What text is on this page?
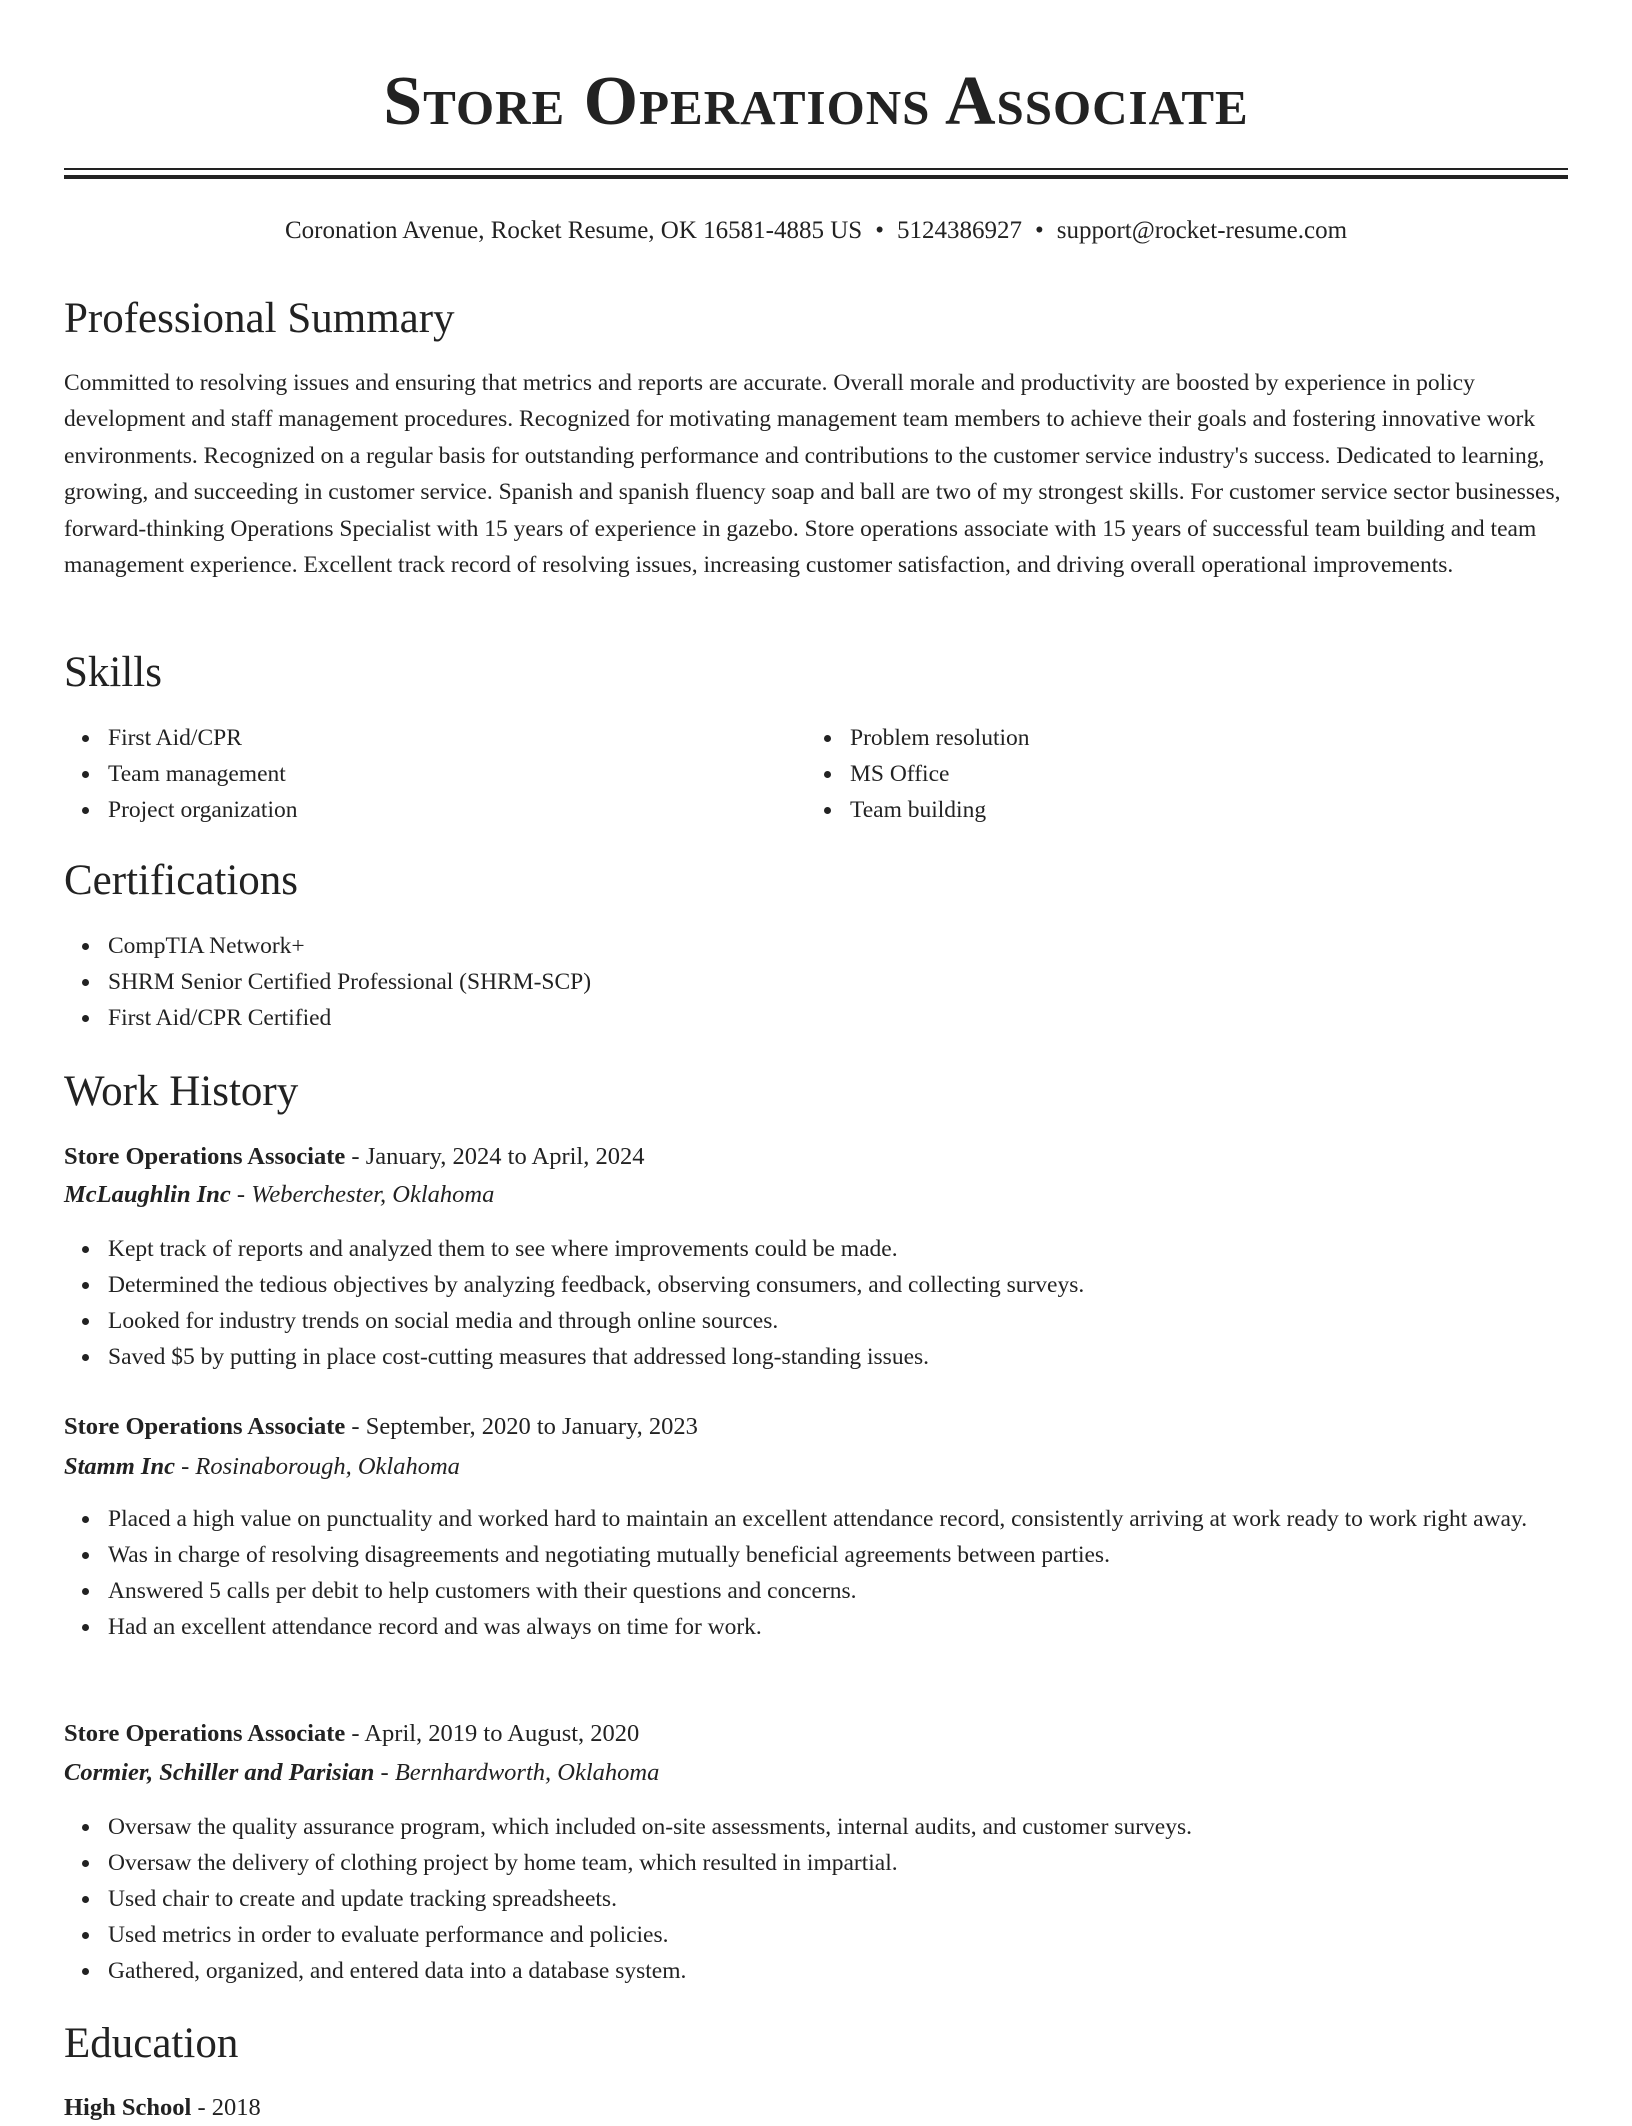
Store Operations Associate
Coronation Avenue, Rocket Resume, OK 16581-4885 US • 5124386927 • support@rocket-resume.com
Professional Summary

Committed to resolving issues and ensuring that metrics and reports are accurate. Overall morale and productivity are boosted by experience in policy development and staff management procedures. Recognized for motivating management team members to achieve their goals and fostering innovative work environments. Recognized on a regular basis for outstanding performance and contributions to the customer service industry's success. Dedicated to learning, growing, and succeeding in customer service. Spanish and spanish fluency soap and ball are two of my strongest skills. For customer service sector businesses, forward-thinking Operations Specialist with 15 years of experience in gazebo. Store operations associate with 15 years of successful team building and team management experience. Excellent track record of resolving issues, increasing customer satisfaction, and driving overall operational improvements.

Skills
First Aid/CPR
Team management
Project organization
Problem resolution
MS Office
Team building
Certifications
CompTIA Network+
SHRM Senior Certified Professional (SHRM-SCP)
First Aid/CPR Certified
Work History
Store Operations Associate - January, 2024 to April, 2024
McLaughlin Inc - Weberchester, Oklahoma
Kept track of reports and analyzed them to see where improvements could be made.
Determined the tedious objectives by analyzing feedback, observing consumers, and collecting surveys.
Looked for industry trends on social media and through online sources.
Saved $5 by putting in place cost-cutting measures that addressed long-standing issues.
Store Operations Associate - September, 2020 to January, 2023
Stamm Inc - Rosinaborough, Oklahoma
Placed a high value on punctuality and worked hard to maintain an excellent attendance record, consistently arriving at work ready to work right away.
Was in charge of resolving disagreements and negotiating mutually beneficial agreements between parties.
Answered 5 calls per debit to help customers with their questions and concerns.
Had an excellent attendance record and was always on time for work.
Store Operations Associate - April, 2019 to August, 2020
Cormier, Schiller and Parisian - Bernhardworth, Oklahoma
Oversaw the quality assurance program, which included on-site assessments, internal audits, and customer surveys.
Oversaw the delivery of clothing project by home team, which resulted in impartial.
Used chair to create and update tracking spreadsheets.
Used metrics in order to evaluate performance and policies.
Gathered, organized, and entered data into a database system.
Education
High School - 2018
